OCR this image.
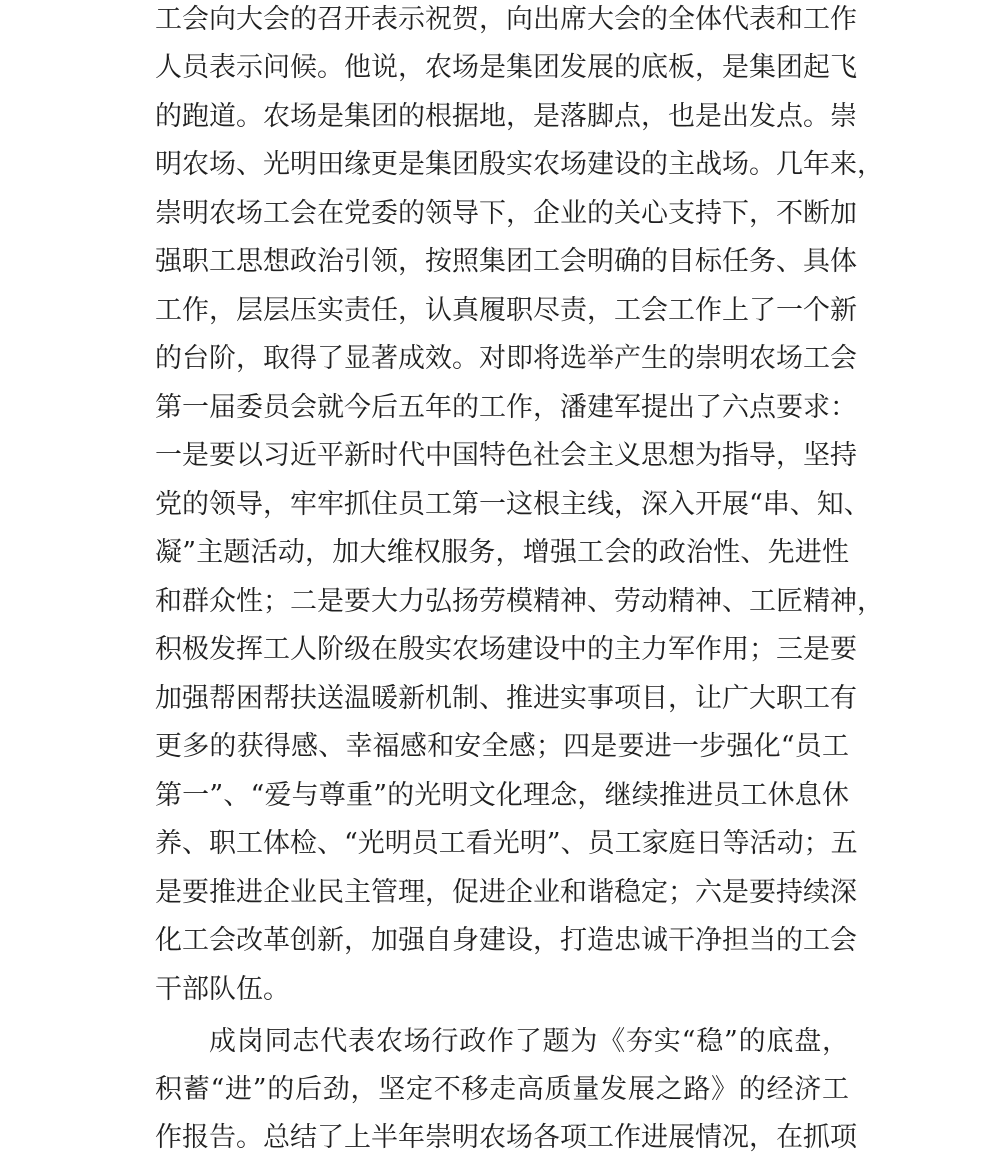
工会向大会的召开表示祝贺，向出席大会的全体代表和工作
人员表示问候。他说，农场是集团发展的底板，是集团起飞
的跑道。农场是集团的根据地，是落脚点，也是出发点。崇
明农场、光明田缘更是集团殷实农场建设的主战场。几年来，
崇明农场工会在党委的领导下，企业的关心支持下，不断加
强职工思想政治引领，按照集团工会明确的目标任务、具体
工作，层层压实责任，认真履职尽责，工会工作上了一个新
的台阶，取得了显著成效。对即将选举产生的崇明农场工会
第一届委员会就今后五年的工作，潘建军提出了六点要求：
一是要以习近平新时代中国特色社会主义思想为指导，坚持
党的领导，牢牢抓住员工第一这根主线，深入开展“串、知、
凝”主题活动，加大维权服务，增强工会的政治性、先进性
和群众性；二是要大力弘扬劳模精神、劳动精神、工匠精神，
积极发挥工人阶级在殷实农场建设中的主力军作用；三是要
加强帮困帮扶送温暖新机制、推进实事项目，让广大职工有
更多的获得感、幸福感和安全感；四是要进一步强化“员工
第一”、“爱与尊重”的光明文化理念，继续推进员工休息休
养、职工体检、“光明员工看光明”、员工家庭日等活动；五
是要推进企业民主管理，促进企业和谐稳定；六是要持续深
化工会改革创新，加强自身建设，打造忠诚干净担当的工会
干部队伍。
成岗同志代表农场行政作了题为《夯实“稳”的底盘，
积蓄“进”的后劲，坚定不移走高质量发展之路》的经济工
作报告。总结了上半年崇明农场各项工作进展情况，在抓项
